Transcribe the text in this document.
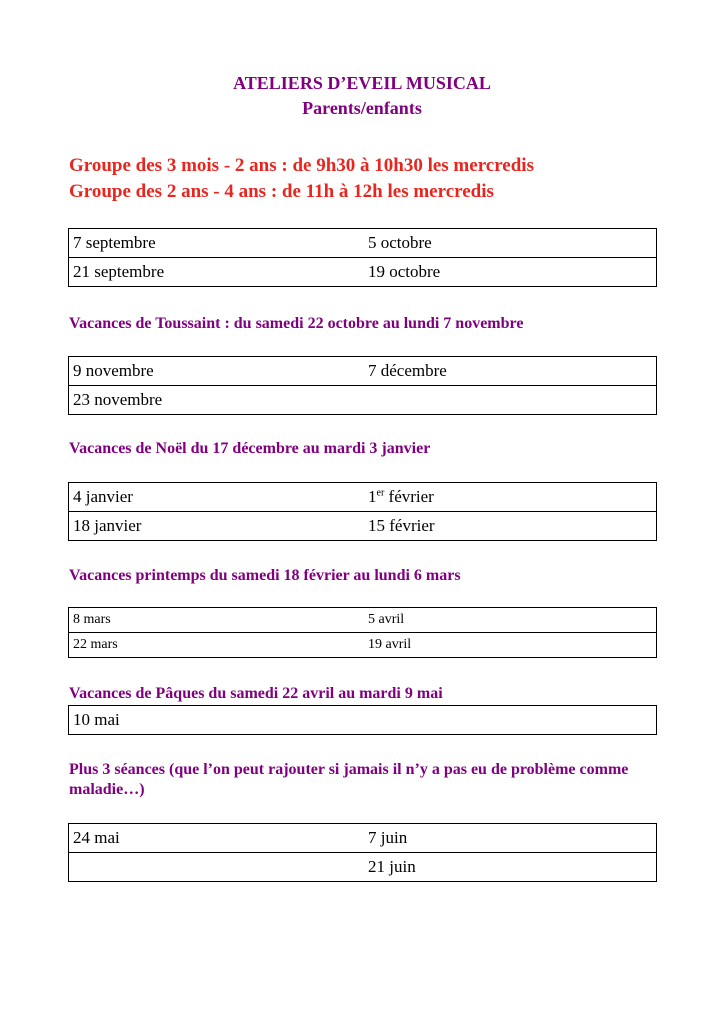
ATELIERS D’EVEIL MUSICAL
Parents/enfants
Groupe des 3 mois - 2 ans : de 9h30 à 10h30 les mercredis
Groupe des 2 ans - 4 ans : de 11h à 12h les mercredis
7 septembre	5 octobre
21 septembre	19 octobre
Vacances de Toussaint : du samedi 22 octobre au lundi 7 novembre
9 novembre	7 décembre
23 novembre	
Vacances de Noël du 17 décembre au mardi 3 janvier
4 janvier	1er février
18 janvier	15 février
Vacances printemps du samedi 18 février au lundi 6 mars
8 mars	5 avril
22 mars	19 avril
Vacances de Pâques du samedi 22 avril au mardi 9 mai
10 mai
Plus 3 séances (que l’on peut rajouter si jamais il n’y a pas eu de problème comme maladie…)
24 mai	7 juin
	21 juin
